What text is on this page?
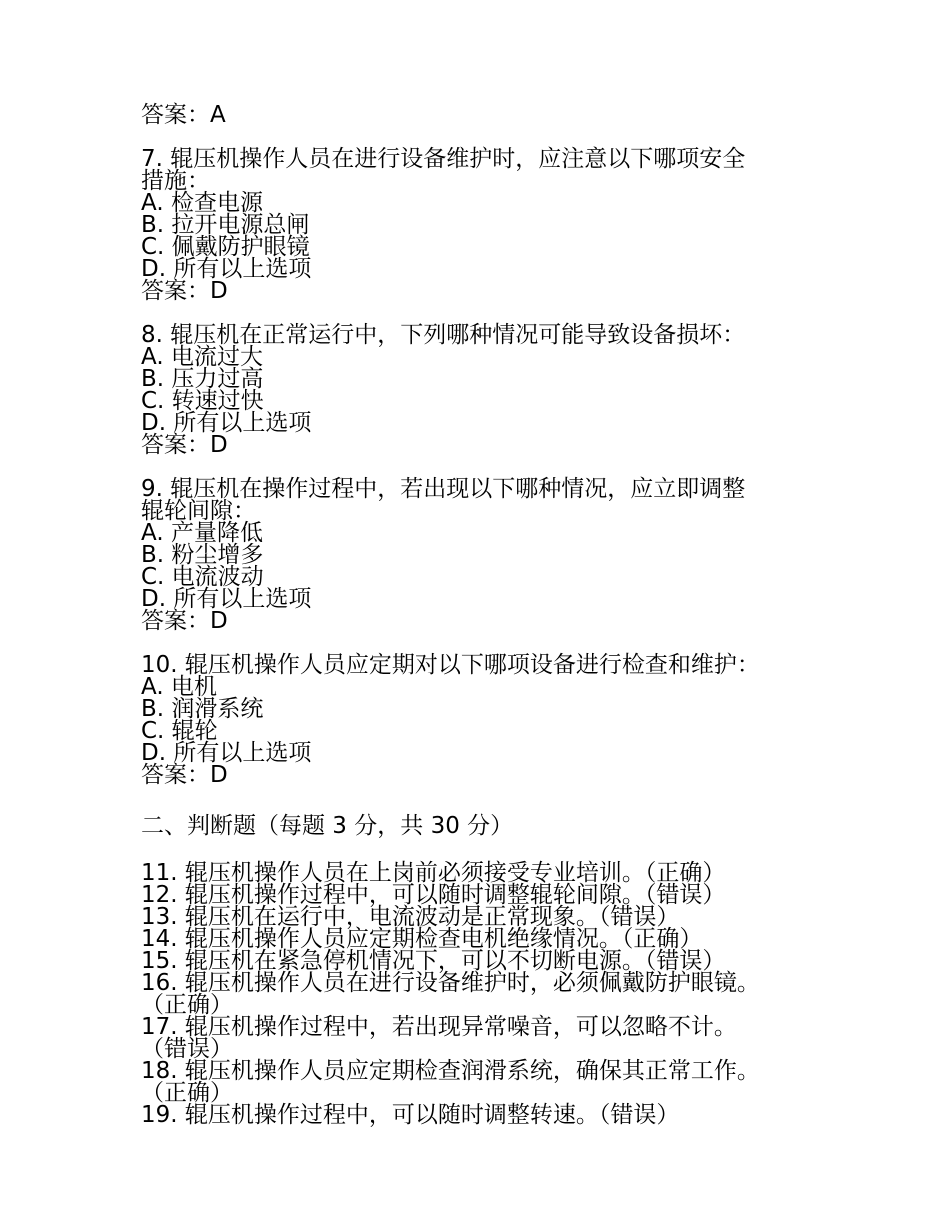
答案：A
7. 辊压机操作人员在进行设备维护时，应注意以下哪项安全
措施：
A. 检查电源
B. 拉开电源总闸
C. 佩戴防护眼镜
D. 所有以上选项
答案：D
8. 辊压机在正常运行中，下列哪种情况可能导致设备损坏：
A. 电流过大
B. 压力过高
C. 转速过快
D. 所有以上选项
答案：D
9. 辊压机在操作过程中，若出现以下哪种情况，应立即调整
辊轮间隙：
A. 产量降低
B. 粉尘增多
C. 电流波动
D. 所有以上选项
答案：D
10. 辊压机操作人员应定期对以下哪项设备进行检查和维护：
A. 电机
B. 润滑系统
C. 辊轮
D. 所有以上选项
答案：D
二、判断题（每题 3 分，共 30 分）
11. 辊压机操作人员在上岗前必须接受专业培训。（正确）
12. 辊压机操作过程中，可以随时调整辊轮间隙。（错误）
13. 辊压机在运行中，电流波动是正常现象。（错误）
14. 辊压机操作人员应定期检查电机绝缘情况。（正确）
15. 辊压机在紧急停机情况下，可以不切断电源。（错误）
16. 辊压机操作人员在进行设备维护时，必须佩戴防护眼镜。
（正确）
17. 辊压机操作过程中，若出现异常噪音，可以忽略不计。
（错误）
18. 辊压机操作人员应定期检查润滑系统，确保其正常工作。
（正确）
19. 辊压机操作过程中，可以随时调整转速。（错误）
